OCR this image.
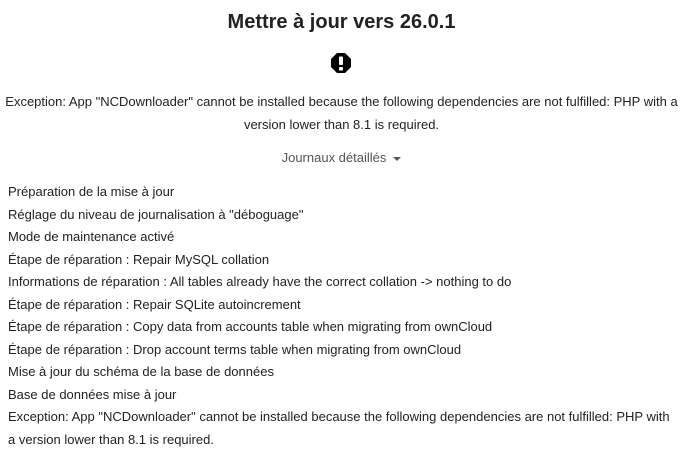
Mettre à jour vers 26.0.1
Exception: App "NCDownloader" cannot be installed because the following dependencies are not fulfilled: PHP with a version lower than 8.1 is required.
Journaux détaillés
Préparation de la mise à jour
Réglage du niveau de journalisation à "déboguage"
Mode de maintenance activé
Étape de réparation : Repair MySQL collation
Informations de réparation : All tables already have the correct collation -> nothing to do
Étape de réparation : Repair SQLite autoincrement
Étape de réparation : Copy data from accounts table when migrating from ownCloud
Étape de réparation : Drop account terms table when migrating from ownCloud
Mise à jour du schéma de la base de données
Base de données mise à jour
Exception: App "NCDownloader" cannot be installed because the following dependencies are not fulfilled: PHP with a version lower than 8.1 is required.
